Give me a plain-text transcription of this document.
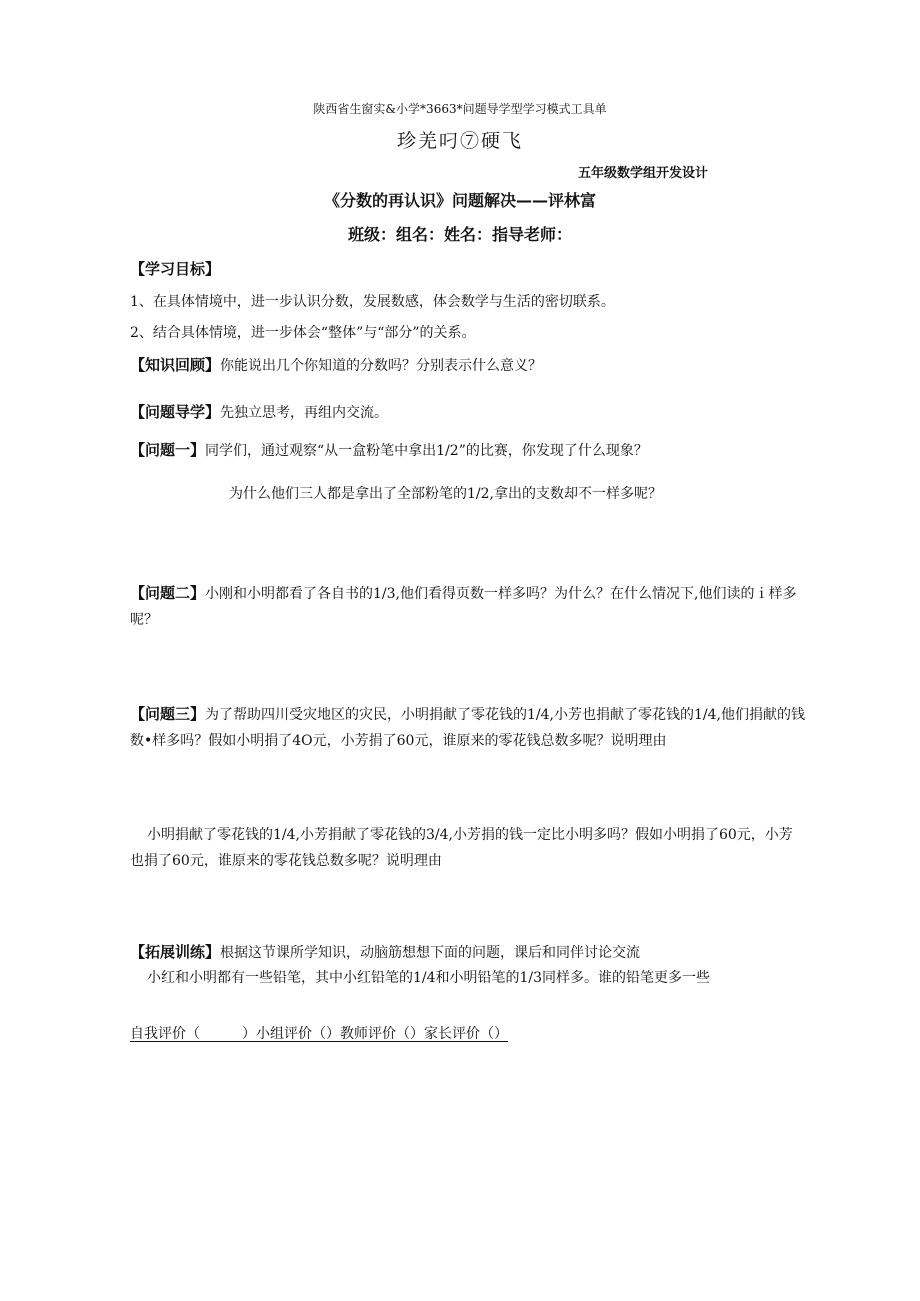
陕西省生窗实&小学*3663*问题导学型学习模式工具单
珍羌叼⑦硬飞
五年级数学组开发设计
《分数的再认识》问题解决——评林富
班级：组名：姓名：指导老师：
【学习目标】
1、在具体情境中，进一步认识分数，发展数感，体会数学与生活的密切联系。
2、结合具体情境，进一步体会“整体”与“部分”的关系。
【知识回顾】你能说出几个你知道的分数吗？分别表示什么意义？
【问题导学】先独立思考，再组内交流。
【问题一】同学们，通过观察“从一盒粉笔中拿出1/2”的比赛，你发现了什么现象？
为什么他们三人都是拿出了全部粉笔的1/2,拿出的支数却不一样多呢？
【问题二】小刚和小明都看了各自书的1/3,他们看得页数一样多吗？为什么？在什么情况下,他们读的ｉ样多呢？
【问题三】为了帮助四川受灾地区的灾民，小明捐献了零花钱的1/4,小芳也捐献了零花钱的1/4,他们捐献的钱数•样多吗？假如小明捐了4O元，小芳捐了60元，谁原来的零花钱总数多呢？说明理由
小明捐献了零花钱的1/4,小芳捐献了零花钱的3/4,小芳捐的钱一定比小明多吗？假如小明捐了60元，小芳也捐了60元，谁原来的零花钱总数多呢？说明理由
【拓展训练】根据这节课所学知识，动脑筋想想下面的问题，课后和同伴讨论交流
小红和小明都有一些铅笔，其中小红铅笔的1/4和小明铅笔的1/3同样多。谁的铅笔更多一些
自我评价（　　　）小组评价（）教师评价（）家长评价（）
